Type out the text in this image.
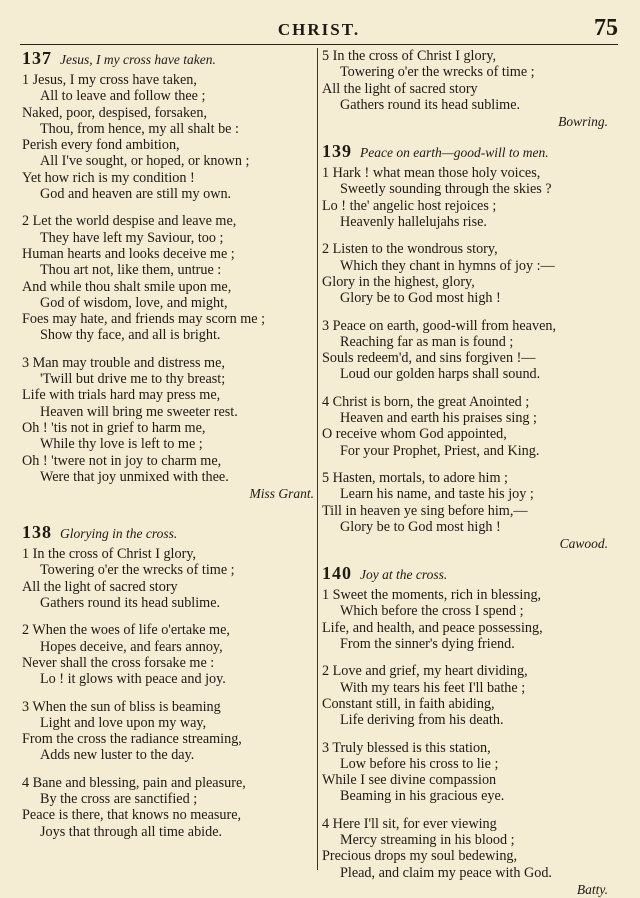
CHRIST.	75
137 Jesus, I my cross have taken.
1 Jesus, I my cross have taken,
All to leave and follow thee ;
Naked, poor, despised, forsaken,
Thou, from hence, my all shalt be :
Perish every fond ambition,
All I've sought, or hoped, or known ;
Yet how rich is my condition !
God and heaven are still my own.
2 Let the world despise and leave me,
They have left my Saviour, too ;
Human hearts and looks deceive me ;
Thou art not, like them, untrue :
And while thou shalt smile upon me,
God of wisdom, love, and might,
Foes may hate, and friends may scorn me ;
Show thy face, and all is bright.
3 Man may trouble and distress me,
'Twill but drive me to thy breast;
Life with trials hard may press me,
Heaven will bring me sweeter rest.
Oh ! 'tis not in grief to harm me,
While thy love is left to me ;
Oh ! 'twere not in joy to charm me,
Were that joy unmixed with thee.
Miss Grant.
138 Glorying in the cross.
1 In the cross of Christ I glory,
Towering o'er the wrecks of time ;
All the light of sacred story
Gathers round its head sublime.
2 When the woes of life o'ertake me,
Hopes deceive, and fears annoy,
Never shall the cross forsake me :
Lo ! it glows with peace and joy.
3 When the sun of bliss is beaming
Light and love upon my way,
From the cross the radiance streaming,
Adds new luster to the day.
4 Bane and blessing, pain and pleasure,
By the cross are sanctified ;
Peace is there, that knows no measure,
Joys that through all time abide.
5 In the cross of Christ I glory,
Towering o'er the wrecks of time ;
All the light of sacred story
Gathers round its head sublime.
Bowring.
139 Peace on earth—good-will to men.
1 Hark ! what mean those holy voices,
Sweetly sounding through the skies ?
Lo ! the' angelic host rejoices ;
Heavenly hallelujahs rise.
2 Listen to the wondrous story,
Which they chant in hymns of joy :—
Glory in the highest, glory,
Glory be to God most high !
3 Peace on earth, good-will from heaven,
Reaching far as man is found ;
Souls redeem'd, and sins forgiven !—
Loud our golden harps shall sound.
4 Christ is born, the great Anointed ;
Heaven and earth his praises sing ;
O receive whom God appointed,
For your Prophet, Priest, and King.
5 Hasten, mortals, to adore him ;
Learn his name, and taste his joy ;
Till in heaven ye sing before him,—
Glory be to God most high !
Cawood.
140 Joy at the cross.
1 Sweet the moments, rich in blessing,
Which before the cross I spend ;
Life, and health, and peace possessing,
From the sinner's dying friend.
2 Love and grief, my heart dividing,
With my tears his feet I'll bathe ;
Constant still, in faith abiding,
Life deriving from his death.
3 Truly blessed is this station,
Low before his cross to lie ;
While I see divine compassion
Beaming in his gracious eye.
4 Here I'll sit, for ever viewing
Mercy streaming in his blood ;
Precious drops my soul bedewing,
Plead, and claim my peace with God.
Batty.
